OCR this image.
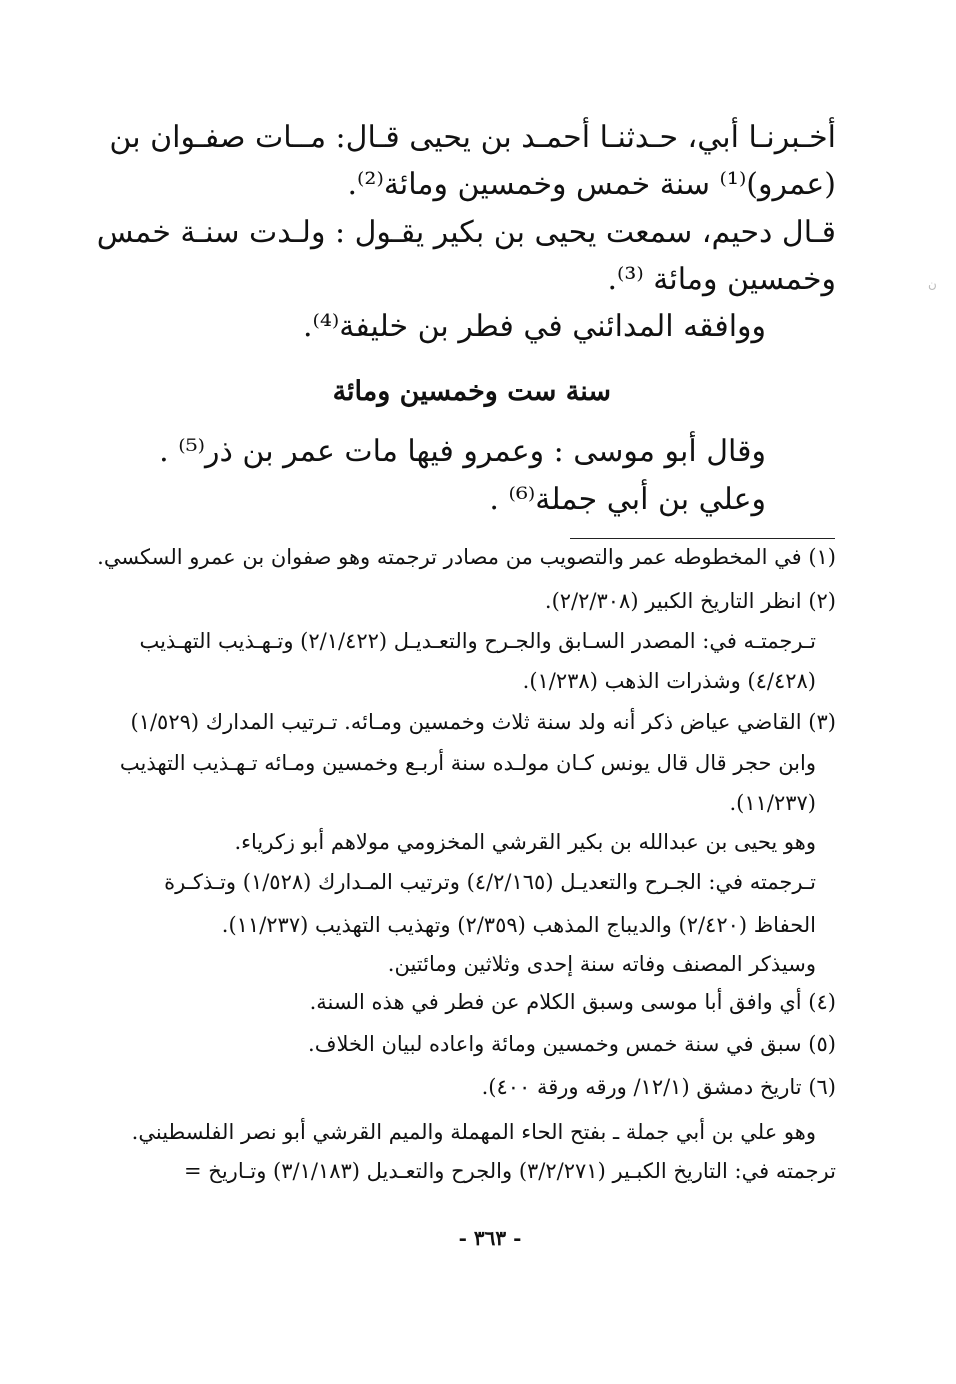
أخـبرنـا أبي، حـدثنـا أحمـد بن يحيى قـال: مــات صفـوان بن
(عمرو)⁽¹⁾ سنة خمس وخمسين ومائة⁽²⁾.
قـال دحيم، سمعت يحيى بن بكير يقـول : ولـدت سنـة خمس
وخمسين ومائة ⁽³⁾.
ووافقه المدائني في فطر بن خليفة⁽⁴⁾.
سنة ست وخمسين ومائة
وقال أبو موسى : وعمرو فيها مات عمر بن ذر⁽⁵⁾ .
وعلي بن أبي جملة⁽⁶⁾ .
ن
(١) في المخطوطه عمر والتصويب من مصادر ترجمته وهو صفوان بن عمرو السكسي.
(٢) انظر التاريخ الكبير (٢/٢/٣٠٨).
تـرجمتـه في: المصدر السـابق والجـرح والتعـديـل (٢/١/٤٢٢) وتـهـذيب التهـذيب
(٤/٤٢٨) وشذرات الذهب (١/٢٣٨).
(٣) القاضي عياض ذكر أنه ولد سنة ثلاث وخمسين ومـائه. تـرتيب المدارك (١/٥٢٩)
وابن حجر قال قال يونس كـان مولـده سنة أربـع وخمسين ومـائه تـهـذيب التهذيب
(١١/٢٣٧).
وهو يحيى بن عبدالله بن بكير القرشي المخزومي مولاهم أبو زكرياء.
تـرجمته في: الجـرح والتعديـل (٤/٢/١٦٥) وترتيب المـدارك (١/٥٢٨) وتـذكـرة
الحفاظ (٢/٤٢٠) والديباج المذهب (٢/٣٥٩) وتهذيب التهذيب (١١/٢٣٧).
وسيذكر المصنف وفاته سنة إحدى وثلاثين ومائتين.
(٤) أي وافق أبا موسى وسبق الكلام عن فطر في هذه السنة.
(٥) سبق في سنة خمس وخمسين ومائة واعاده لبيان الخلاف.
(٦) تاريخ دمشق (١٢/١/ ورقه ورقة ٤٠٠).
وهو علي بن أبي جملة ـ بفتح الحاء المهملة والميم القرشي أبو نصر الفلسطيني.
ترجمته في: التاريخ الكبـير (٣/٢/٢٧١) والجرح والتعـديل (٣/١/١٨٣) وتـاريخ =
- ٣٦٣ -
